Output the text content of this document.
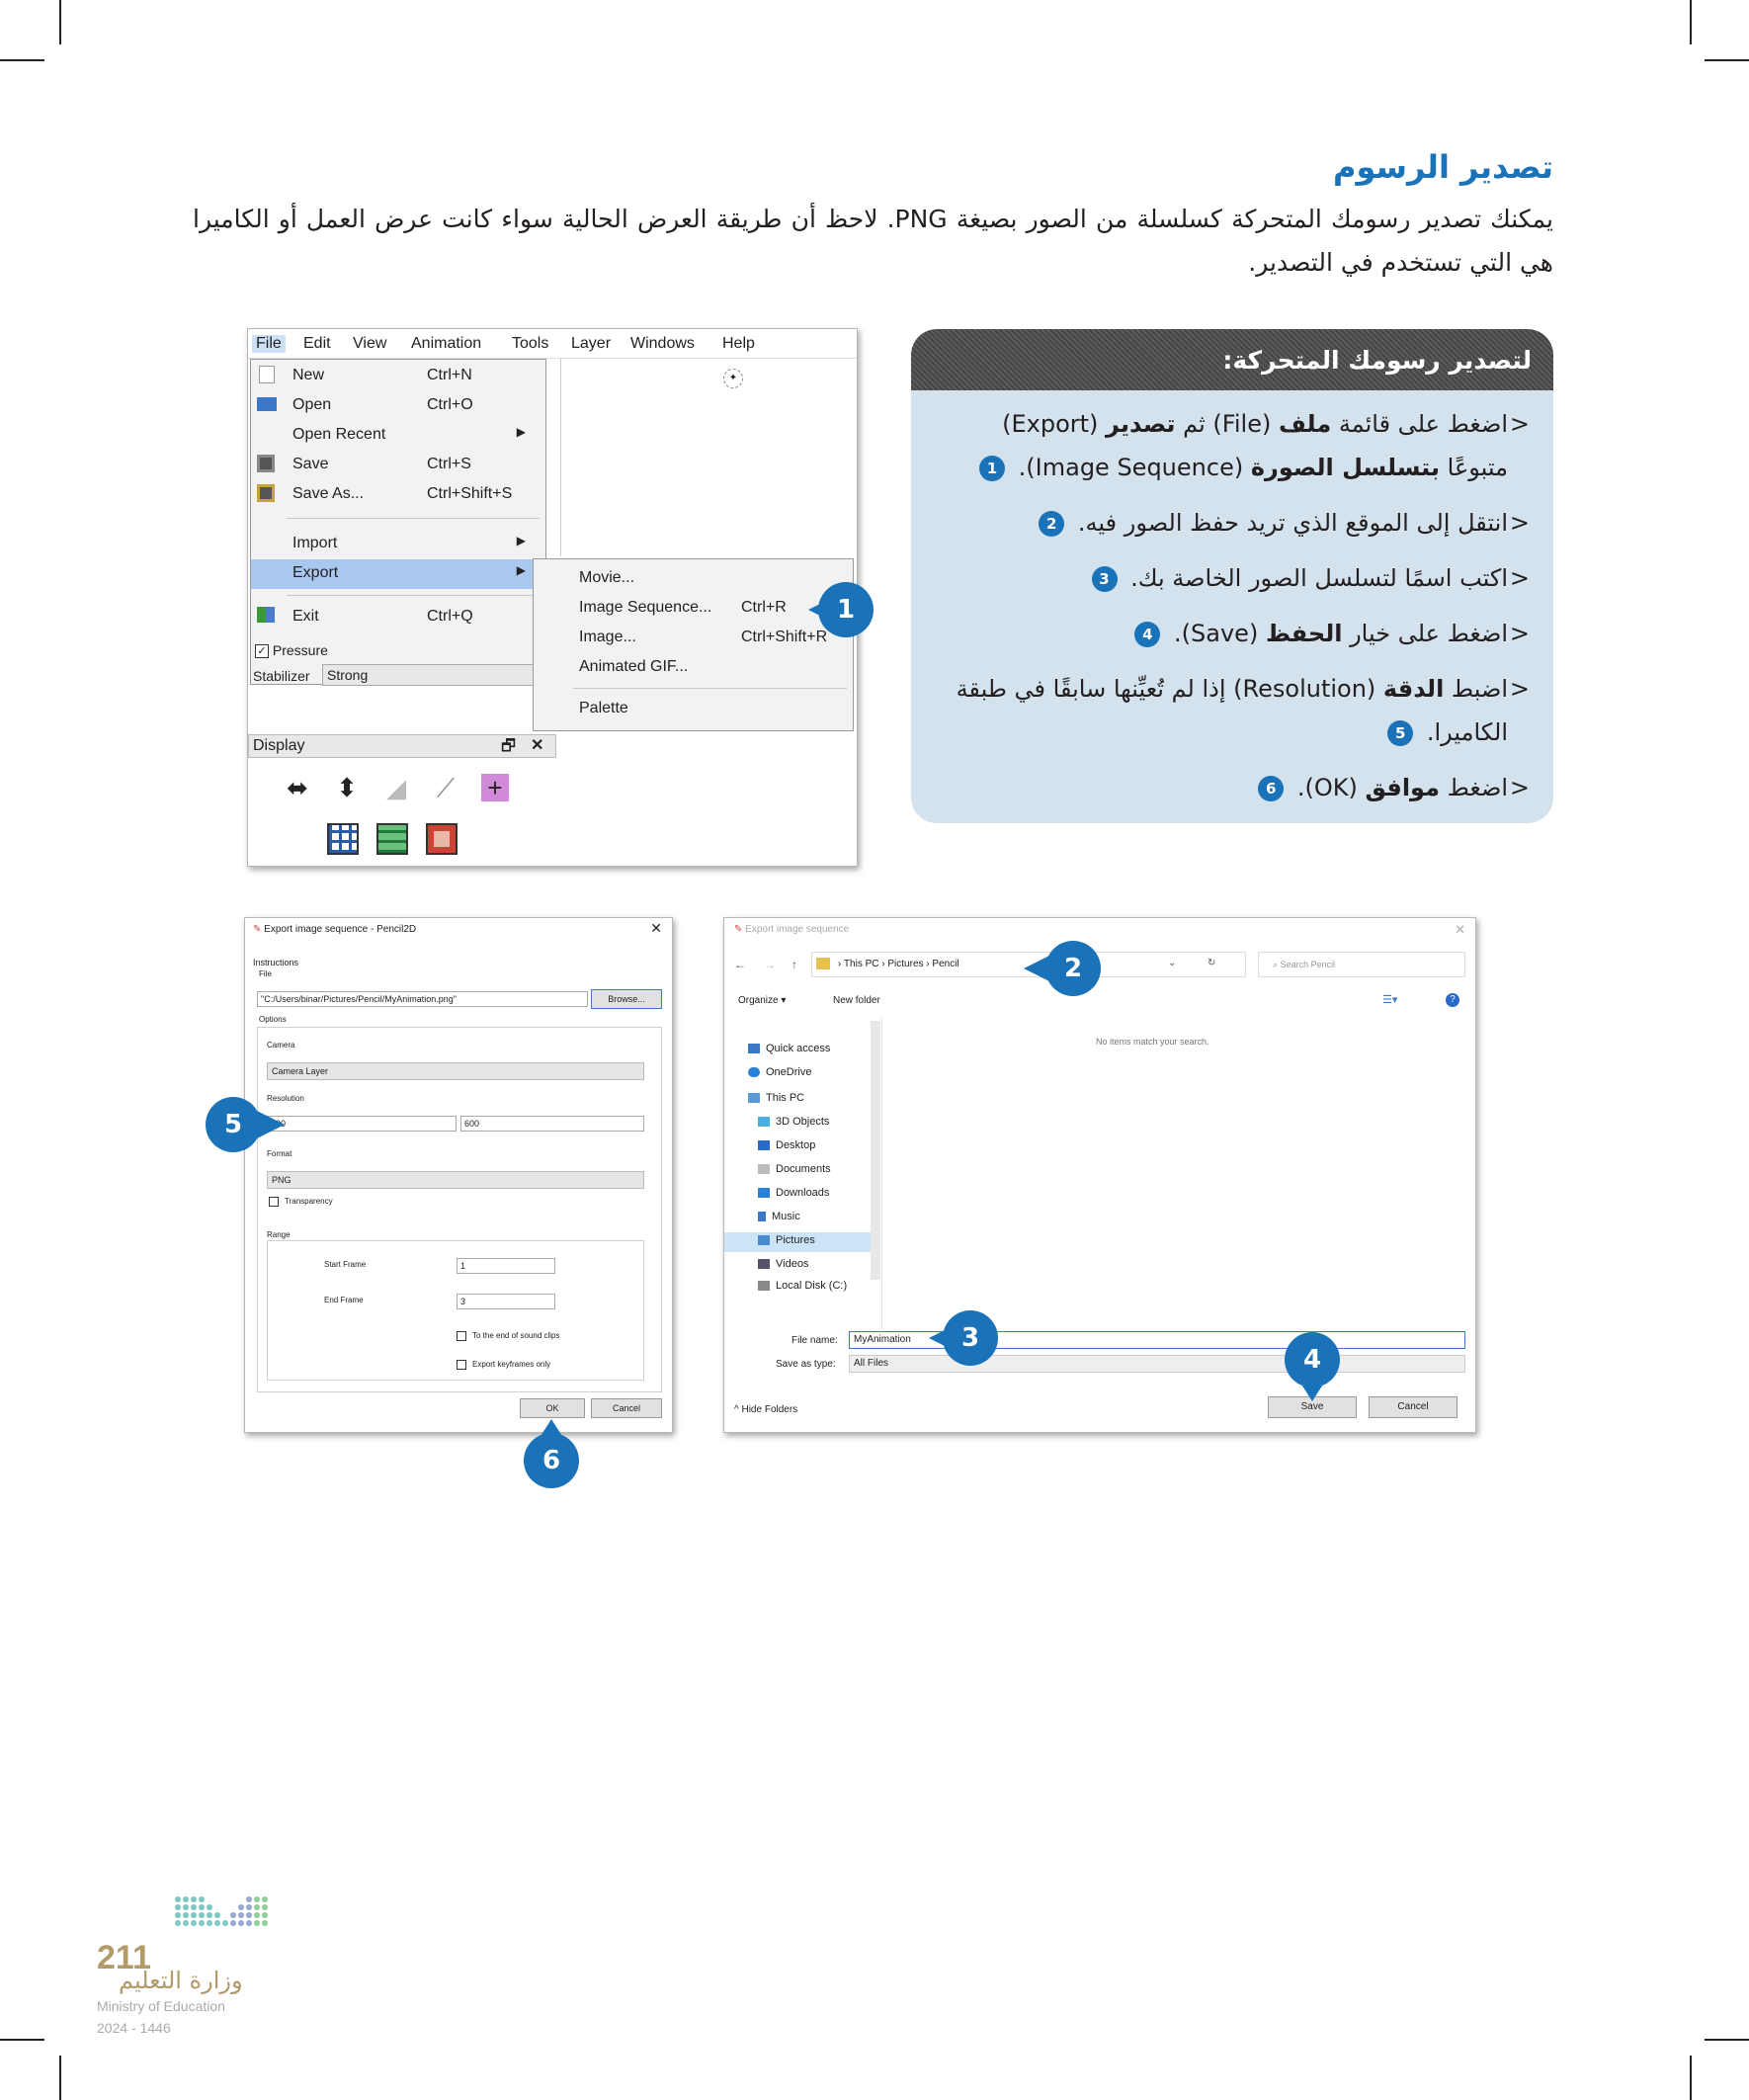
تصدير الرسوم

يمكنك تصدير رسومك المتحركة كسلسلة من الصور بصيغة PNG. لاحظ أن طريقة العرض الحالية سواء كانت عرض العمل أو الكاميرا هي التي تستخدم في التصدير.

لتصدير رسومك المتحركة:
< اضغط على قائمة ملف (File) ثم تصدير (Export) متبوعًا بتسلسل الصورة (Image Sequence). 1
< انتقل إلى الموقع الذي تريد حفظ الصور فيه. 2
< اكتب اسمًا لتسلسل الصور الخاصة بك. 3
< اضغط على خيار الحفظ (Save). 4
< اضبط الدقة (Resolution) إذا لم تُعيِّنها سابقًا في طبقة الكاميرا. 5
< اضغط موافق (OK). 6
File Edit View Animation Tools Layer Windows Help
✦
New	Ctrl+N
Open	Ctrl+O
Open Recent	▶
Save	Ctrl+S
Save As...	Ctrl+Shift+S
Import	▶
Export	▶
Exit	Ctrl+Q
✓ Pressure
Stabilizer	Strong
Movie...
Image Sequence... Ctrl+R
Image...	Ctrl+Shift+R
Animated GIF...
Palette
Display	🗗 ✕
⬌ ⬍ ◢ ⟋ +
✎ Export image sequence - Pencil2D	✕
Instructions
File
"C:/Users/binar/Pictures/Pencil/MyAnimation.png"	Browse...
Options
Camera
Camera Layer
Resolution
800	600
Format
PNG
Transparency
Range
Start Frame	1
End Frame	3
To the end of sound clips
Export keyframes only
OK	Cancel
✎ Export image sequence	✕
← → ↑	› This PC › Pictures › Pencil	⌄	↻	⌕ Search Pencil
Organize ▾	New folder	☰▾	?
No items match your search.
Quick access
OneDrive
This PC
3D Objects
Desktop
Documents
Downloads
Music
Pictures
Videos
Local Disk (C:)
File name:	MyAnimation
Save as type:	All Files
^ Hide Folders	Save	Cancel
1
2
3
4
5
6
211
وزارة التعليم
Ministry of Education
2024 - 1446
